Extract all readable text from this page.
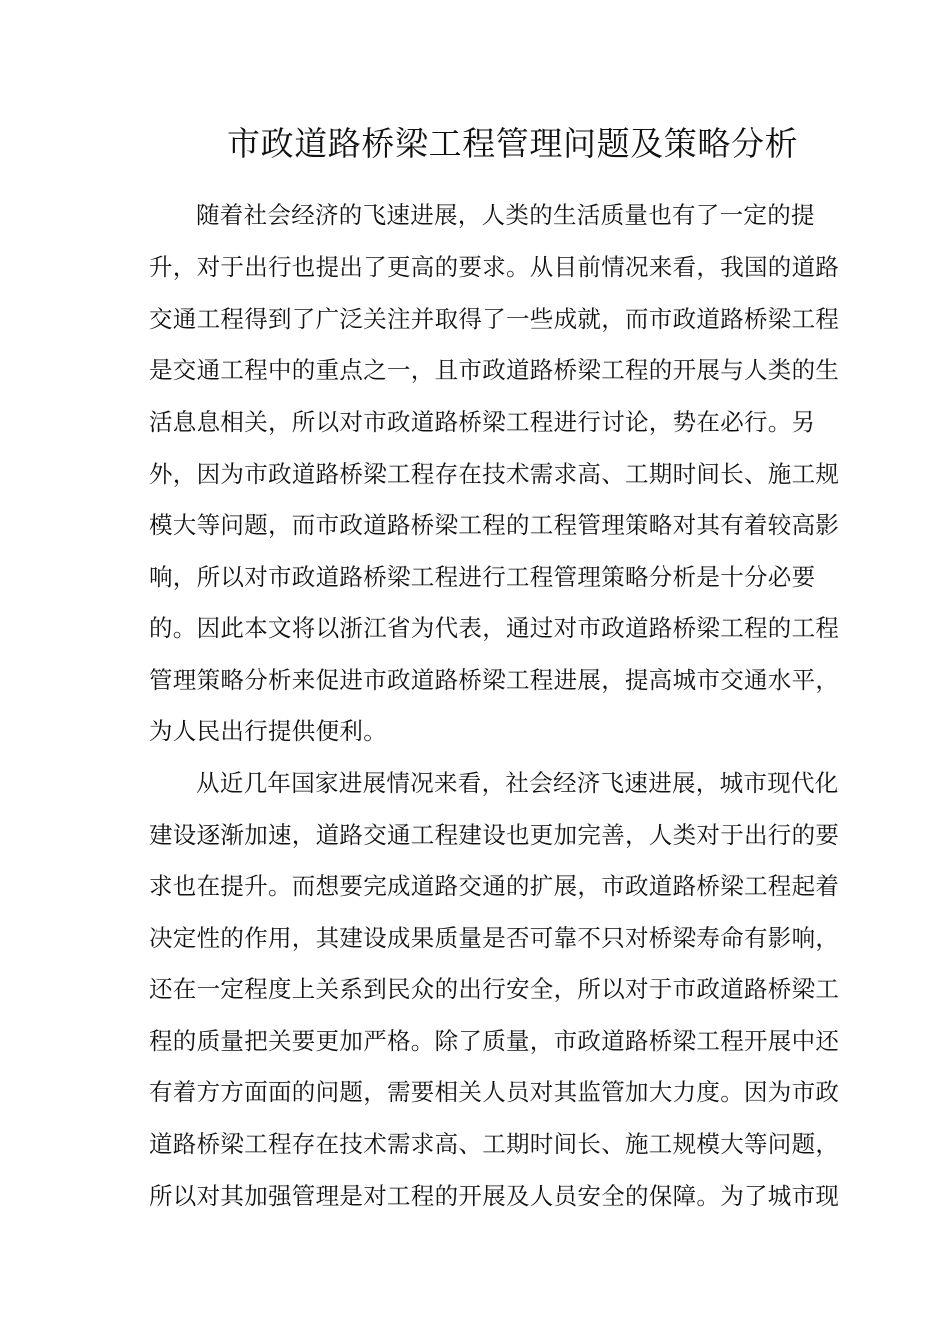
市政道路桥梁工程管理问题及策略分析
随着社会经济的飞速进展，人类的生活质量也有了一定的提
升，对于出行也提出了更高的要求。从目前情况来看，我国的道路
交通工程得到了广泛关注并取得了一些成就，而市政道路桥梁工程
是交通工程中的重点之一，且市政道路桥梁工程的开展与人类的生
活息息相关，所以对市政道路桥梁工程进行讨论，势在必行。另
外，因为市政道路桥梁工程存在技术需求高、工期时间长、施工规
模大等问题，而市政道路桥梁工程的工程管理策略对其有着较高影
响，所以对市政道路桥梁工程进行工程管理策略分析是十分必要
的。因此本文将以浙江省为代表，通过对市政道路桥梁工程的工程
管理策略分析来促进市政道路桥梁工程进展，提高城市交通水平，
为人民出行提供便利。
从近几年国家进展情况来看，社会经济飞速进展，城市现代化
建设逐渐加速，道路交通工程建设也更加完善，人类对于出行的要
求也在提升。而想要完成道路交通的扩展，市政道路桥梁工程起着
决定性的作用，其建设成果质量是否可靠不只对桥梁寿命有影响，
还在一定程度上关系到民众的出行安全，所以对于市政道路桥梁工
程的质量把关要更加严格。除了质量，市政道路桥梁工程开展中还
有着方方面面的问题，需要相关人员对其监管加大力度。因为市政
道路桥梁工程存在技术需求高、工期时间长、施工规模大等问题，
所以对其加强管理是对工程的开展及人员安全的保障。为了城市现
